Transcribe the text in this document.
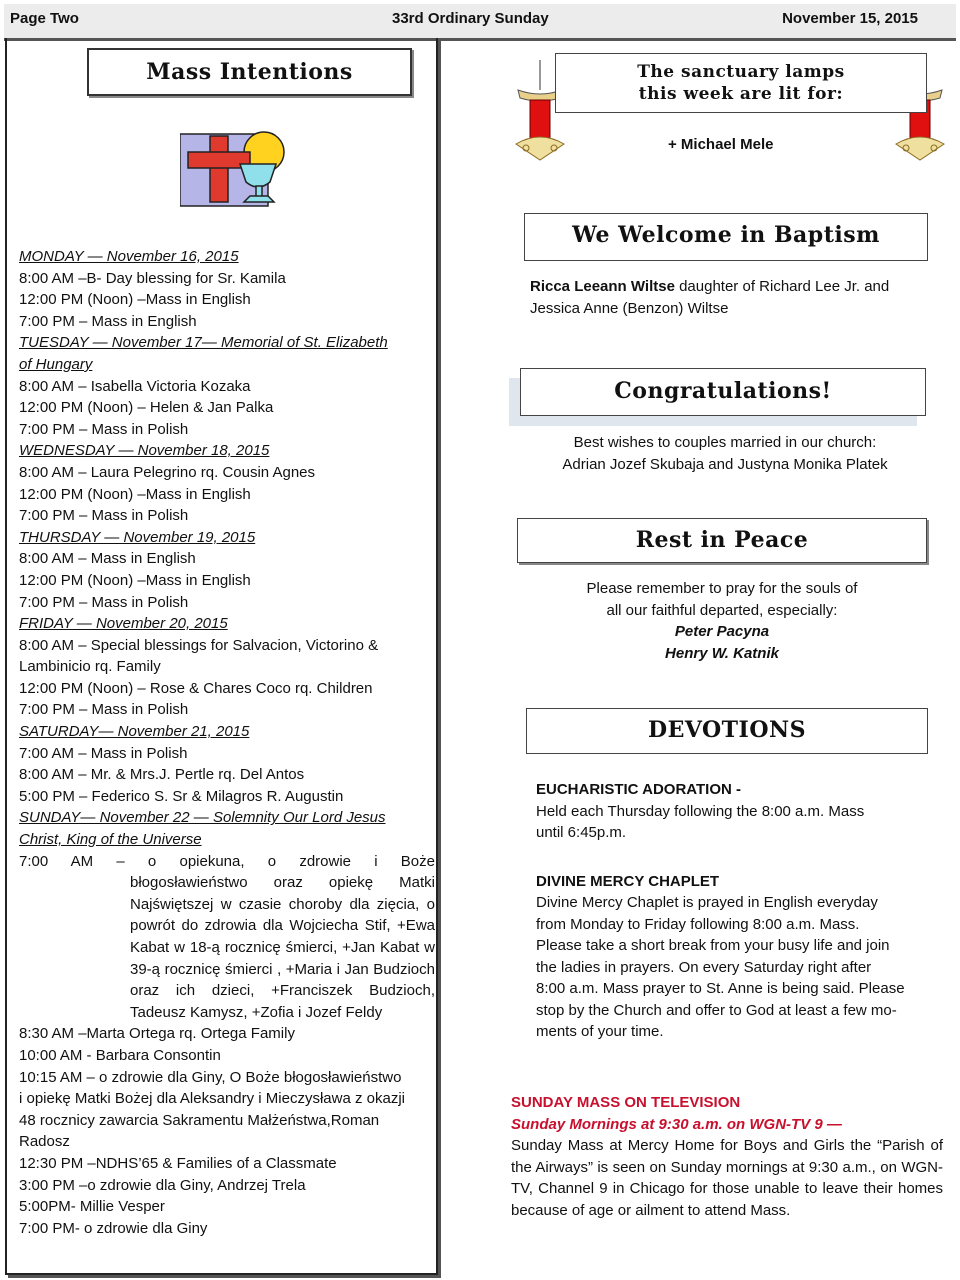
Page Two	33rd Ordinary Sunday	November 15, 2015
Mass Intentions
MONDAY — November 16, 2015
8:00 AM –B- Day blessing for Sr. Kamila
12:00 PM (Noon) –Mass in English
7:00 PM – Mass in English
TUESDAY — November 17— Memorial of St. Elizabeth
of Hungary
8:00 AM – Isabella Victoria Kozaka
12:00 PM (Noon) – Helen & Jan Palka
7:00 PM – Mass in Polish
WEDNESDAY — November 18, 2015
8:00 AM – Laura Pelegrino rq. Cousin Agnes
12:00 PM (Noon) –Mass in English
7:00 PM – Mass in Polish
THURSDAY — November 19, 2015
8:00 AM – Mass in English
12:00 PM (Noon) –Mass in English
7:00 PM – Mass in Polish
FRIDAY — November 20, 2015
8:00 AM – Special blessings for Salvacion, Victorino &
Lambinicio rq. Family
12:00 PM (Noon) – Rose & Chares Coco rq. Children
7:00 PM – Mass in Polish
SATURDAY— November 21, 2015
7:00 AM – Mass in Polish
8:00 AM – Mr. & Mrs.J. Pertle rq. Del Antos
5:00 PM – Federico S. Sr & Milagros R. Augustin
SUNDAY— November 22 — Solemnity Our Lord Jesus
Christ, King of the Universe
7:00 AM – o opiekuna, o zdrowie i Boże
błogosławieństwo oraz opiekę Matki Najświętszej w czasie choroby dla zięcia, o powrót do zdrowia dla Wojciecha Stif, +Ewa Kabat w 18-ą rocznicę śmierci, +Jan Kabat w 39-ą rocznicę śmierci , +Maria i Jan Budzioch oraz ich dzieci, +Franciszek Budzioch, Tadeusz Kamysz, +Zofia i Jozef Feldy
8:30 AM –Marta Ortega rq. Ortega Family
10:00 AM - Barbara Consontin
10:15 AM – o zdrowie dla Giny, O Boże błogosławieństwo
i opiekę Matki Bożej dla Aleksandry i Mieczysława z okazji
48 rocznicy zawarcia Sakramentu Małżeństwa,Roman
Radosz
12:30 PM –NDHS’65 & Families of a Classmate
3:00 PM –o zdrowie dla Giny, Andrzej Trela
5:00PM- Millie Vesper
7:00 PM- o zdrowie dla Giny
The sanctuary lamps
this week are lit for:
+ Michael Mele
We Welcome in Baptism
Ricca Leeann Wiltse daughter of Richard Lee Jr. and
Jessica Anne (Benzon) Wiltse
Congratulations!
Best wishes to couples married in our church:
Adrian Jozef Skubaja and Justyna Monika Platek
Rest in Peace
Please remember to pray for the souls of
all our faithful departed, especially:
Peter Pacyna
Henry W. Katnik
DEVOTIONS
EUCHARISTIC ADORATION -
Held each Thursday following the 8:00 a.m. Mass
until 6:45p.m.
DIVINE MERCY CHAPLET
Divine Mercy Chaplet is prayed in English everyday
from Monday to Friday following 8:00 a.m. Mass.
Please take a short break from your busy life and join
the ladies in prayers. On every Saturday right after
8:00 a.m. Mass prayer to St. Anne is being said. Please
stop by the Church and offer to God at least a few mo-
ments of your time.
SUNDAY MASS ON TELEVISION
Sunday Mornings at 9:30 a.m. on WGN-TV 9 —
Sunday Mass at Mercy Home for Boys and Girls the “Parish of the Airways” is seen on Sunday mornings at 9:30 a.m., on WGN-TV, Channel 9 in Chicago for those unable to leave their homes because of age or ailment to attend Mass.
